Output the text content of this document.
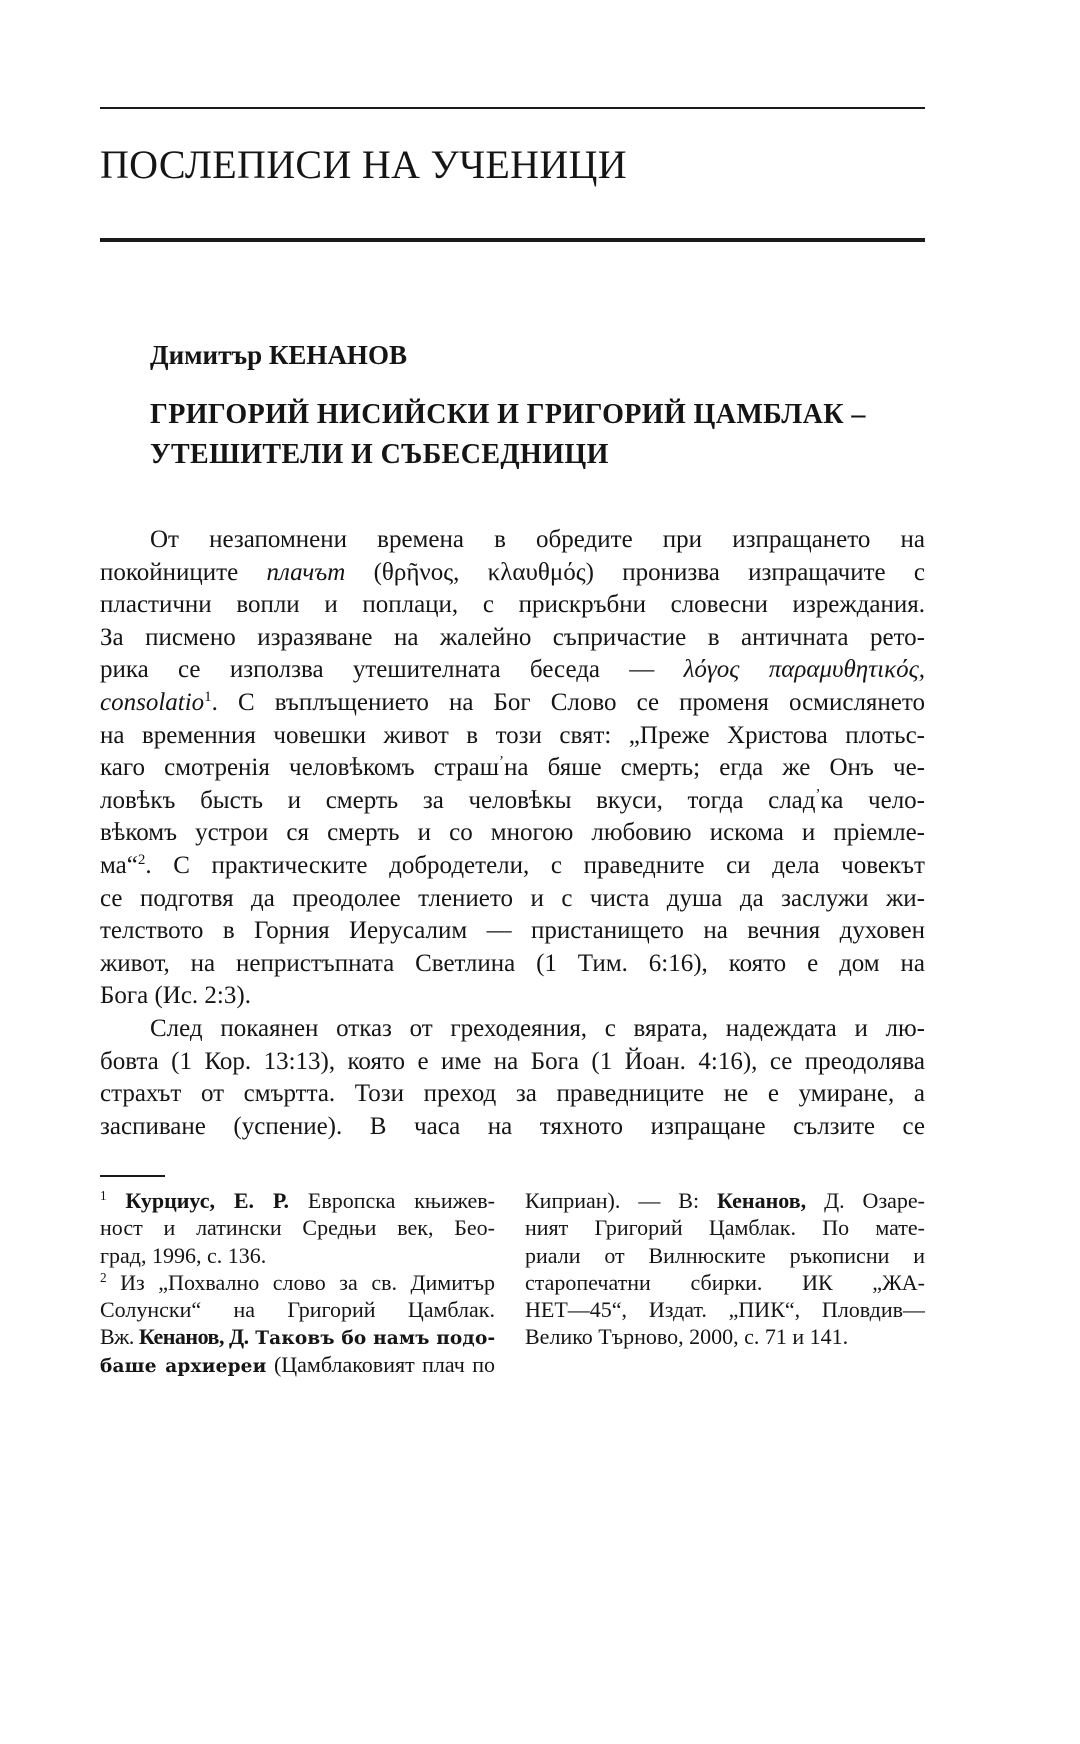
ПОСЛЕПИСИ НА УЧЕНИЦИ
Димитър КЕНАНОВ
ГРИГОРИЙ НИСИЙСКИ И ГРИГОРИЙ ЦАМБЛАК –
УТЕШИТЕЛИ И СЪБЕСЕДНИЦИ
От незапомнени времена в обредите при изпращането на
покойниците плачът (θρῆνος, κλαυθμός) пронизва изпращачите с
пластични вопли и поплаци, с прискръбни словесни изреждания.
За писмено изразяване на жалейно съпричастие в античната рето-
рика се използва утешителната беседа — λόγος παραμυθητικός,
consolatio$^1$. С въплъщението на Бог Слово се променя осмислянето
на временния човешки живот в този свят: „Преже Христова плотьс-
каго смотренія человѣкомъ страш$^ʼ$на бяше смерть; егда же Онъ че-
ловѣкъ бысть и смерть за человѣкы вкуси, тогда слад$^ʼ$ка чело-
вѣкомъ устрои ся смерть и со многою любовию искома и пріемле-
ма“$^2$. С практическите добродетели, с праведните си дела човекът
се подготвя да преодолее тлението и с чиста душа да заслужи жи-
телството в Горния Иерусалим — пристанището на вечния духовен
живот, на непристъпната Светлина (1 Тим. 6:16), която е дом на
Бога (Ис. 2:3).
След покаянен отказ от греходеяния, с вярата, надеждата и лю-
бовта (1 Кор. 13:13), която е име на Бога (1 Йоан. 4:16), се преодолява
страхът от смъртта. Този преход за праведниците не е умиране, а
заспиване (успение). В часа на тяхното изпращане сълзите се
$^1$ Курциус, Е. Р. Европска књижев-
ност и латински Средњи век, Бео-
град, 1996, с. 136.
$^2$ Из „Похвално слово за св. Димитър
Солунски“ на Григорий Цамблак.
Вж. Кенанов, Д. Таковъ бо намъ подо-
баше архиереи (Цамблаковият плач по
Киприан). — В: Кенанов, Д. Озаре-
ният Григорий Цамблак. По мате-
риали от Вилнюските ръкописни и
старопечатни сбирки. ИК „ЖА-
НЕТ—45“, Издат. „ПИК“, Пловдив—
Велико Търново, 2000, с. 71 и 141.
